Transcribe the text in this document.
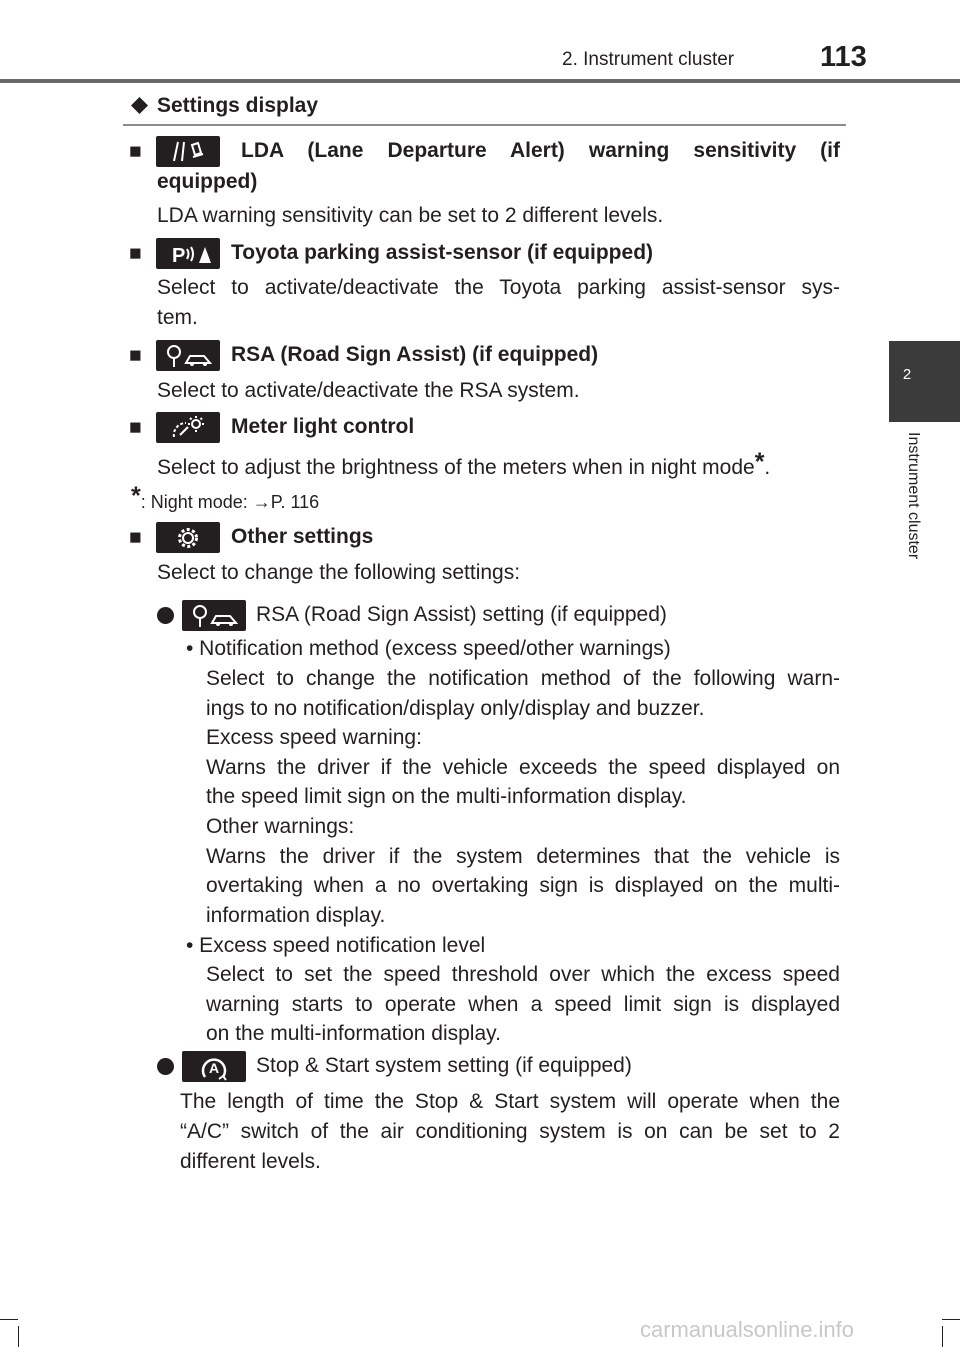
2. Instrument cluster	113
2
Instrument cluster
Settings display
■	LDA (Lane Departure Alert) warning sensitivity (if
equipped)
LDA warning sensitivity can be set to 2 different levels.
■ P Toyota parking assist-sensor (if equipped)
Select to activate/deactivate the Toyota parking assist-sensor sys-
tem.
■	RSA (Road Sign Assist) (if equipped)
Select to activate/deactivate the RSA system.
■	Meter light control
Select to adjust the brightness of the meters when in night mode*.
*: Night mode: →P. 116
■	Other settings
Select to change the following settings:
RSA (Road Sign Assist) setting (if equipped)
• Notification method (excess speed/other warnings)
Select to change the notification method of the following warn-
ings to no notification/display only/display and buzzer.
Excess speed warning:
Warns the driver if the vehicle exceeds the speed displayed on
the speed limit sign on the multi-information display.
Other warnings:
Warns the driver if the system determines that the vehicle is
overtaking when a no overtaking sign is displayed on the multi-
information display.
• Excess speed notification level
Select to set the speed threshold over which the excess speed
warning starts to operate when a speed limit sign is displayed
on the multi-information display.
A Stop & Start system setting (if equipped)
The length of time the Stop & Start system will operate when the
“A/C” switch of the air conditioning system is on can be set to 2
different levels.
carmanualsonline.info
